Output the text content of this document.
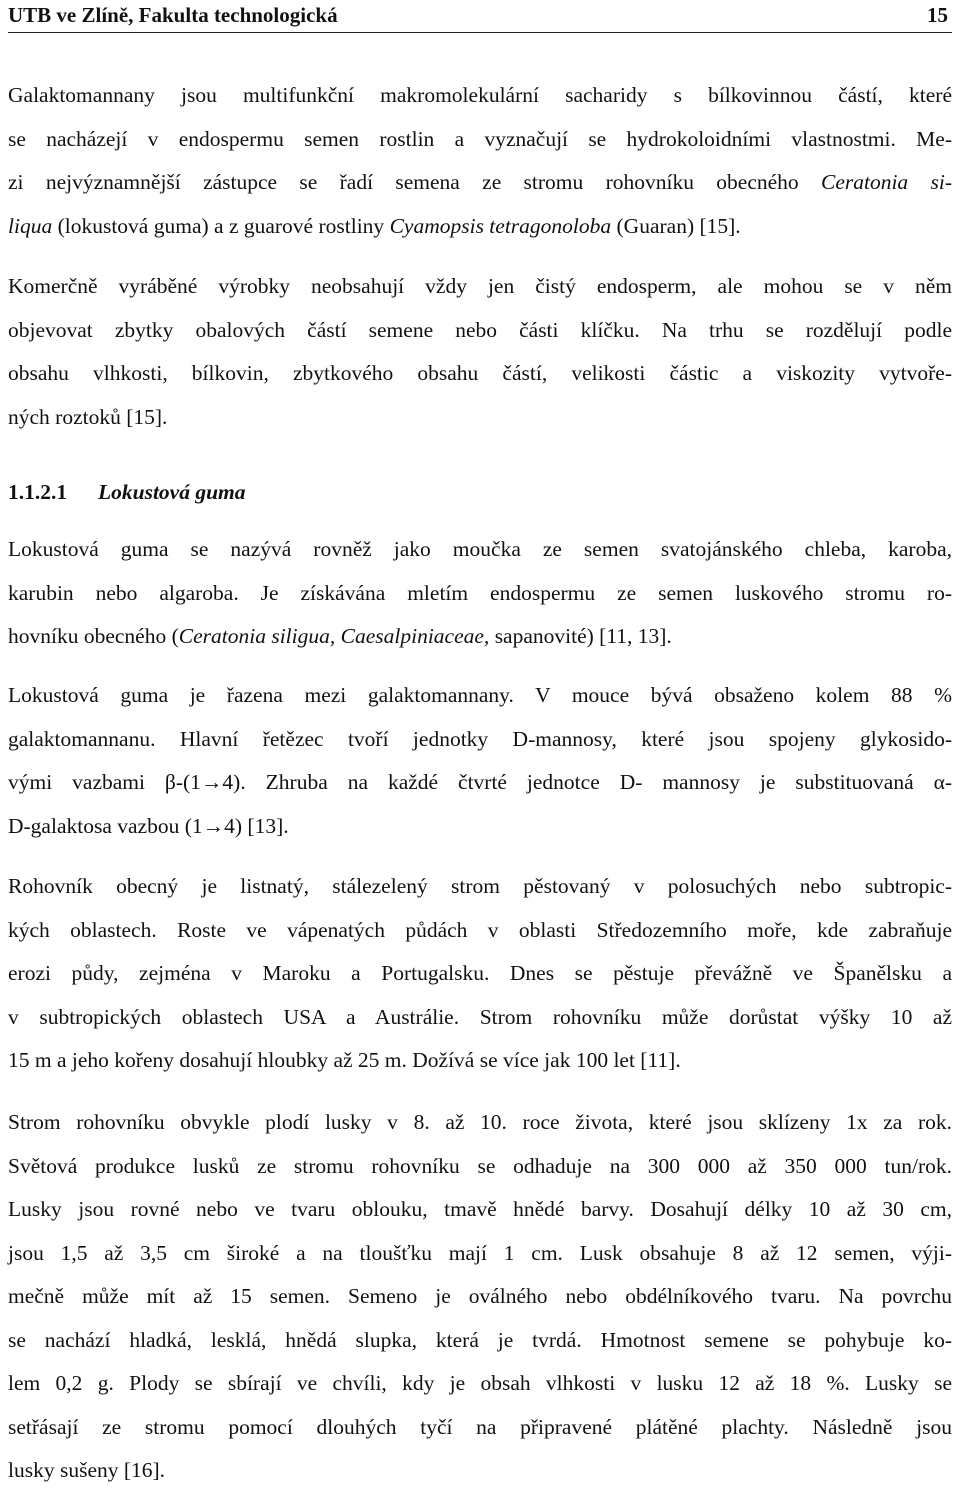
UTB ve Zlíně, Fakulta technologická	15
Galaktomannany jsou multifunkční makromolekulární sacharidy s bílkovinnou částí, které
se nacházejí v endospermu semen rostlin a vyznačují se hydrokoloidními vlastnostmi. Me-
zi nejvýznamnější zástupce se řadí semena ze stromu rohovníku obecného Ceratonia si-
liqua (lokustová guma) a z guarové rostliny Cyamopsis tetragonoloba (Guaran) [15].
Komerčně vyráběné výrobky neobsahují vždy jen čistý endosperm, ale mohou se v něm
objevovat zbytky obalových částí semene nebo části klíčku. Na trhu se rozdělují podle
obsahu vlhkosti, bílkovin, zbytkového obsahu částí, velikosti částic a viskozity vytvoře-
ných roztoků [15].
1.1.2.1 Lokustová guma
Lokustová guma se nazývá rovněž jako moučka ze semen svatojánského chleba, karoba,
karubin nebo algaroba. Je získávána mletím endospermu ze semen luskového stromu ro-
hovníku obecného (Ceratonia siligua, Caesalpiniaceae, sapanovité) [11, 13].
Lokustová guma je řazena mezi galaktomannany. V mouce bývá obsaženo kolem 88 %
galaktomannanu. Hlavní řetězec tvoří jednotky D-mannosy, které jsou spojeny glykosido-
vými vazbami β-(1→4). Zhruba na každé čtvrté jednotce D- mannosy je substituovaná α-
D-galaktosa vazbou (1→4) [13].
Rohovník obecný je listnatý, stálezelený strom pěstovaný v polosuchých nebo subtropic-
kých oblastech. Roste ve vápenatých půdách v oblasti Středozemního moře, kde zabraňuje
erozi půdy, zejména v Maroku a Portugalsku. Dnes se pěstuje převážně ve Španělsku a
v subtropických oblastech USA a Austrálie. Strom rohovníku může dorůstat výšky 10 až
15 m a jeho kořeny dosahují hloubky až 25 m. Dožívá se více jak 100 let [11].
Strom rohovníku obvykle plodí lusky v 8. až 10. roce života, které jsou sklízeny 1x za rok.
Světová produkce lusků ze stromu rohovníku se odhaduje na 300 000 až 350 000 tun/rok.
Lusky jsou rovné nebo ve tvaru oblouku, tmavě hnědé barvy. Dosahují délky 10 až 30 cm,
jsou 1,5 až 3,5 cm široké a na tloušťku mají 1 cm. Lusk obsahuje 8 až 12 semen, výji-
mečně může mít až 15 semen. Semeno je oválného nebo obdélníkového tvaru. Na povrchu
se nachází hladká, lesklá, hnědá slupka, která je tvrdá. Hmotnost semene se pohybuje ko-
lem 0,2 g. Plody se sbírají ve chvíli, kdy je obsah vlhkosti v lusku 12 až 18 %. Lusky se
setřásají ze stromu pomocí dlouhých tyčí na připravené plátěné plachty. Následně jsou
lusky sušeny [16].
